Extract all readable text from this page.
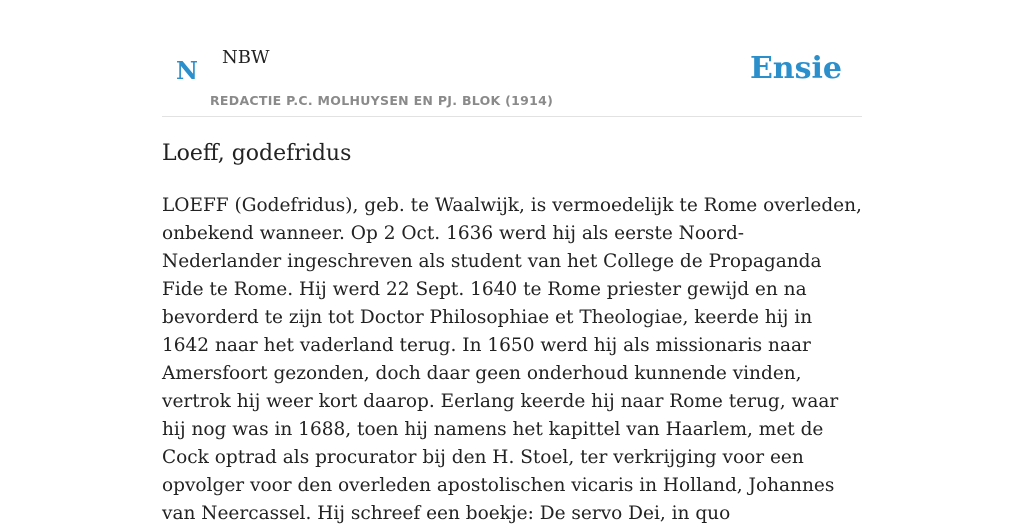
N NBW
REDACTIE P.C. MOLHUYSEN EN PJ. BLOK (1914)
Ensie
Loeff, godefridus

LOEFF (Godefridus), geb. te Waalwijk, is vermoedelijk te Rome overleden, onbekend wanneer. Op 2 Oct. 1636 werd hij als eerste Noord-Nederlander ingeschreven als student van het College de Propaganda Fide te Rome. Hij werd 22 Sept. 1640 te Rome priester gewijd en na bevorderd te zijn tot Doctor Philosophiae et Theologiae, keerde hij in 1642 naar het vaderland terug. In 1650 werd hij als missionaris naar Amersfoort gezonden, doch daar geen onderhoud kunnende vinden, vertrok hij weer kort daarop. Eerlang keerde hij naar Rome terug, waar hij nog was in 1688, toen hij namens het kapittel van Haarlem, met de Cock optrad als procurator bij den H. Stoel, ter verkrijging voor een opvolger voor den overleden apostolischen vicaris in Holland, Johannes van Neercassel. Hij schreef een boekje: De servo Dei, in quo
